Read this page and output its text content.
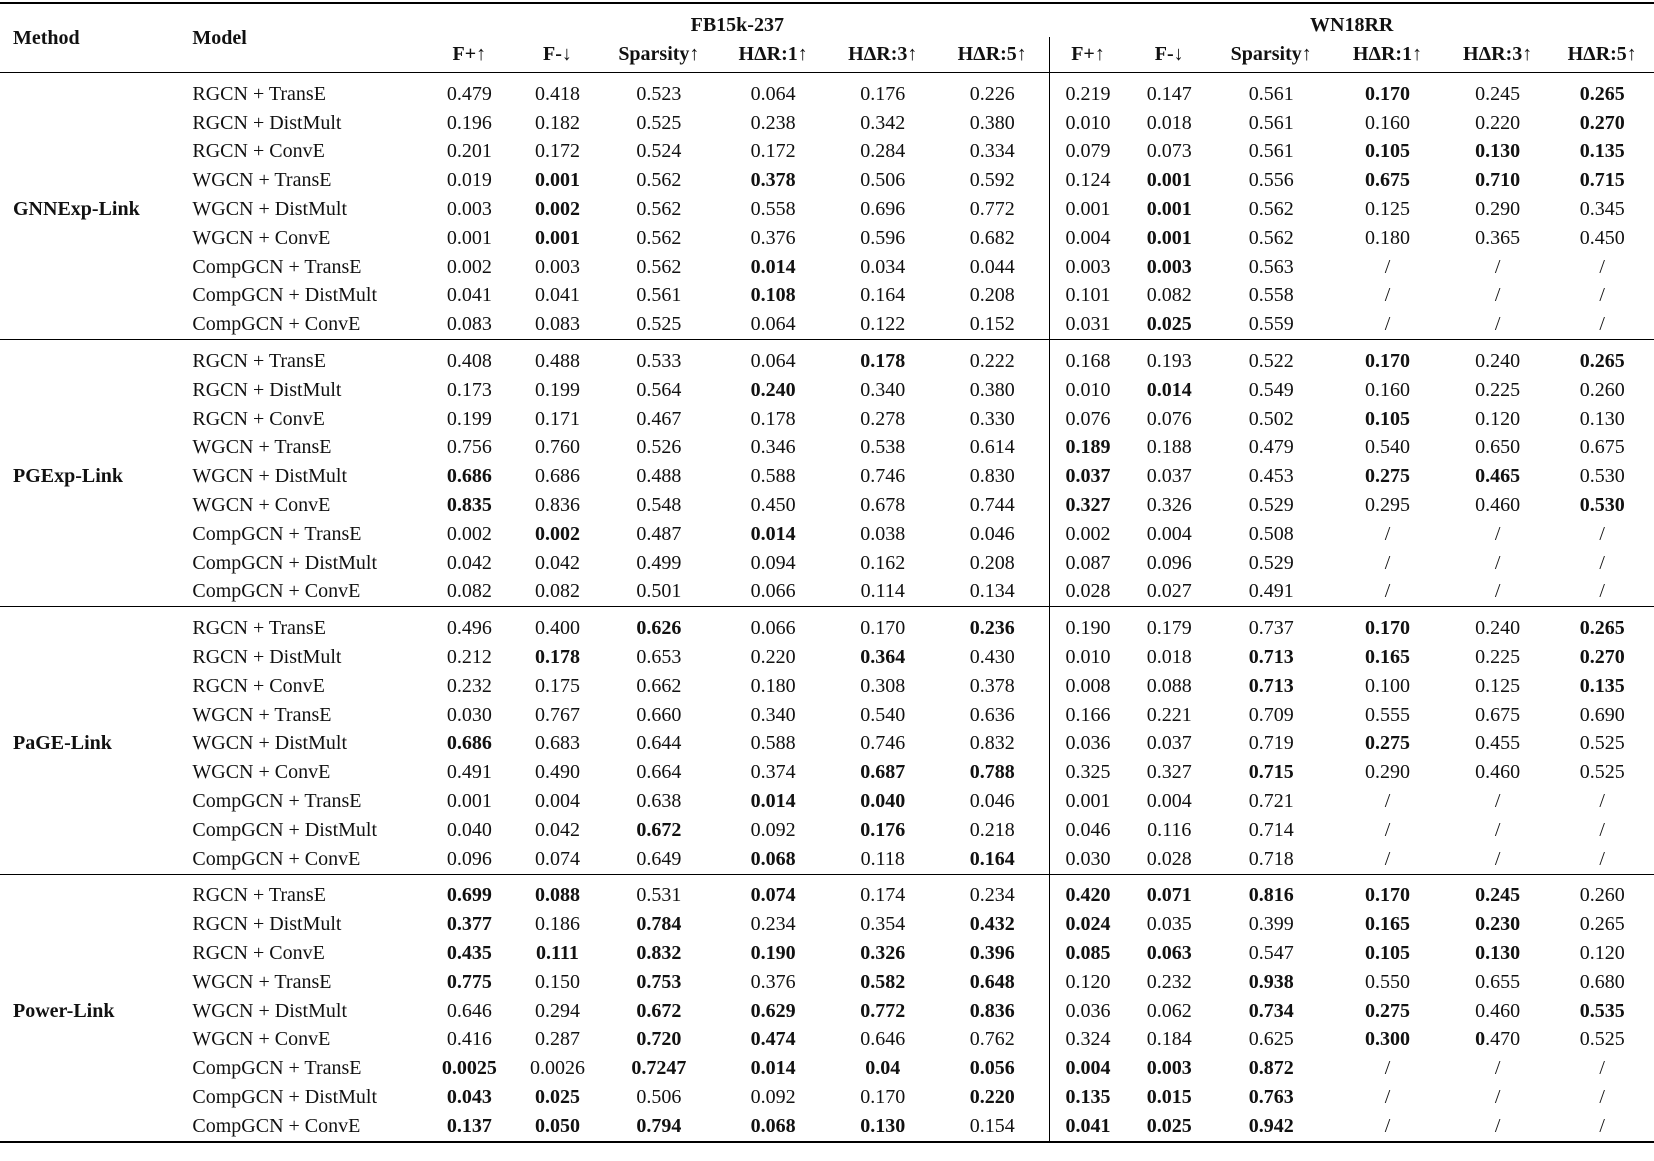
Method	Model	FB15k-237						WN18RR					
		F+↑	F-↓	Sparsity↑	HΔR:1↑	HΔR:3↑	HΔR:5↑	F+↑	F-↓	Sparsity↑	HΔR:1↑	HΔR:3↑	HΔR:5↑
GNNExp-Link	RGCN + TransE	0.479	0.418	0.523	0.064	0.176	0.226	0.219	0.147	0.561	0.170	0.245	0.265
	RGCN + DistMult	0.196	0.182	0.525	0.238	0.342	0.380	0.010	0.018	0.561	0.160	0.220	0.270
	RGCN + ConvE	0.201	0.172	0.524	0.172	0.284	0.334	0.079	0.073	0.561	0.105	0.130	0.135
	WGCN + TransE	0.019	0.001	0.562	0.378	0.506	0.592	0.124	0.001	0.556	0.675	0.710	0.715
	WGCN + DistMult	0.003	0.002	0.562	0.558	0.696	0.772	0.001	0.001	0.562	0.125	0.290	0.345
	WGCN + ConvE	0.001	0.001	0.562	0.376	0.596	0.682	0.004	0.001	0.562	0.180	0.365	0.450
	CompGCN + TransE	0.002	0.003	0.562	0.014	0.034	0.044	0.003	0.003	0.563	/	/	/
	CompGCN + DistMult	0.041	0.041	0.561	0.108	0.164	0.208	0.101	0.082	0.558	/	/	/
	CompGCN + ConvE	0.083	0.083	0.525	0.064	0.122	0.152	0.031	0.025	0.559	/	/	/
PGExp-Link	RGCN + TransE	0.408	0.488	0.533	0.064	0.178	0.222	0.168	0.193	0.522	0.170	0.240	0.265
	RGCN + DistMult	0.173	0.199	0.564	0.240	0.340	0.380	0.010	0.014	0.549	0.160	0.225	0.260
	RGCN + ConvE	0.199	0.171	0.467	0.178	0.278	0.330	0.076	0.076	0.502	0.105	0.120	0.130
	WGCN + TransE	0.756	0.760	0.526	0.346	0.538	0.614	0.189	0.188	0.479	0.540	0.650	0.675
	WGCN + DistMult	0.686	0.686	0.488	0.588	0.746	0.830	0.037	0.037	0.453	0.275	0.465	0.530
	WGCN + ConvE	0.835	0.836	0.548	0.450	0.678	0.744	0.327	0.326	0.529	0.295	0.460	0.530
	CompGCN + TransE	0.002	0.002	0.487	0.014	0.038	0.046	0.002	0.004	0.508	/	/	/
	CompGCN + DistMult	0.042	0.042	0.499	0.094	0.162	0.208	0.087	0.096	0.529	/	/	/
	CompGCN + ConvE	0.082	0.082	0.501	0.066	0.114	0.134	0.028	0.027	0.491	/	/	/
PaGE-Link	RGCN + TransE	0.496	0.400	0.626	0.066	0.170	0.236	0.190	0.179	0.737	0.170	0.240	0.265
	RGCN + DistMult	0.212	0.178	0.653	0.220	0.364	0.430	0.010	0.018	0.713	0.165	0.225	0.270
	RGCN + ConvE	0.232	0.175	0.662	0.180	0.308	0.378	0.008	0.088	0.713	0.100	0.125	0.135
	WGCN + TransE	0.030	0.767	0.660	0.340	0.540	0.636	0.166	0.221	0.709	0.555	0.675	0.690
	WGCN + DistMult	0.686	0.683	0.644	0.588	0.746	0.832	0.036	0.037	0.719	0.275	0.455	0.525
	WGCN + ConvE	0.491	0.490	0.664	0.374	0.687	0.788	0.325	0.327	0.715	0.290	0.460	0.525
	CompGCN + TransE	0.001	0.004	0.638	0.014	0.040	0.046	0.001	0.004	0.721	/	/	/
	CompGCN + DistMult	0.040	0.042	0.672	0.092	0.176	0.218	0.046	0.116	0.714	/	/	/
	CompGCN + ConvE	0.096	0.074	0.649	0.068	0.118	0.164	0.030	0.028	0.718	/	/	/
Power-Link	RGCN + TransE	0.699	0.088	0.531	0.074	0.174	0.234	0.420	0.071	0.816	0.170	0.245	0.260
	RGCN + DistMult	0.377	0.186	0.784	0.234	0.354	0.432	0.024	0.035	0.399	0.165	0.230	0.265
	RGCN + ConvE	0.435	0.111	0.832	0.190	0.326	0.396	0.085	0.063	0.547	0.105	0.130	0.120
	WGCN + TransE	0.775	0.150	0.753	0.376	0.582	0.648	0.120	0.232	0.938	0.550	0.655	0.680
	WGCN + DistMult	0.646	0.294	0.672	0.629	0.772	0.836	0.036	0.062	0.734	0.275	0.460	0.535
	WGCN + ConvE	0.416	0.287	0.720	0.474	0.646	0.762	0.324	0.184	0.625	0.300	0.470	0.525
	CompGCN + TransE	0.0025	0.0026	0.7247	0.014	0.04	0.056	0.004	0.003	0.872	/	/	/
	CompGCN + DistMult	0.043	0.025	0.506	0.092	0.170	0.220	0.135	0.015	0.763	/	/	/
	CompGCN + ConvE	0.137	0.050	0.794	0.068	0.130	0.154	0.041	0.025	0.942	/	/	/
